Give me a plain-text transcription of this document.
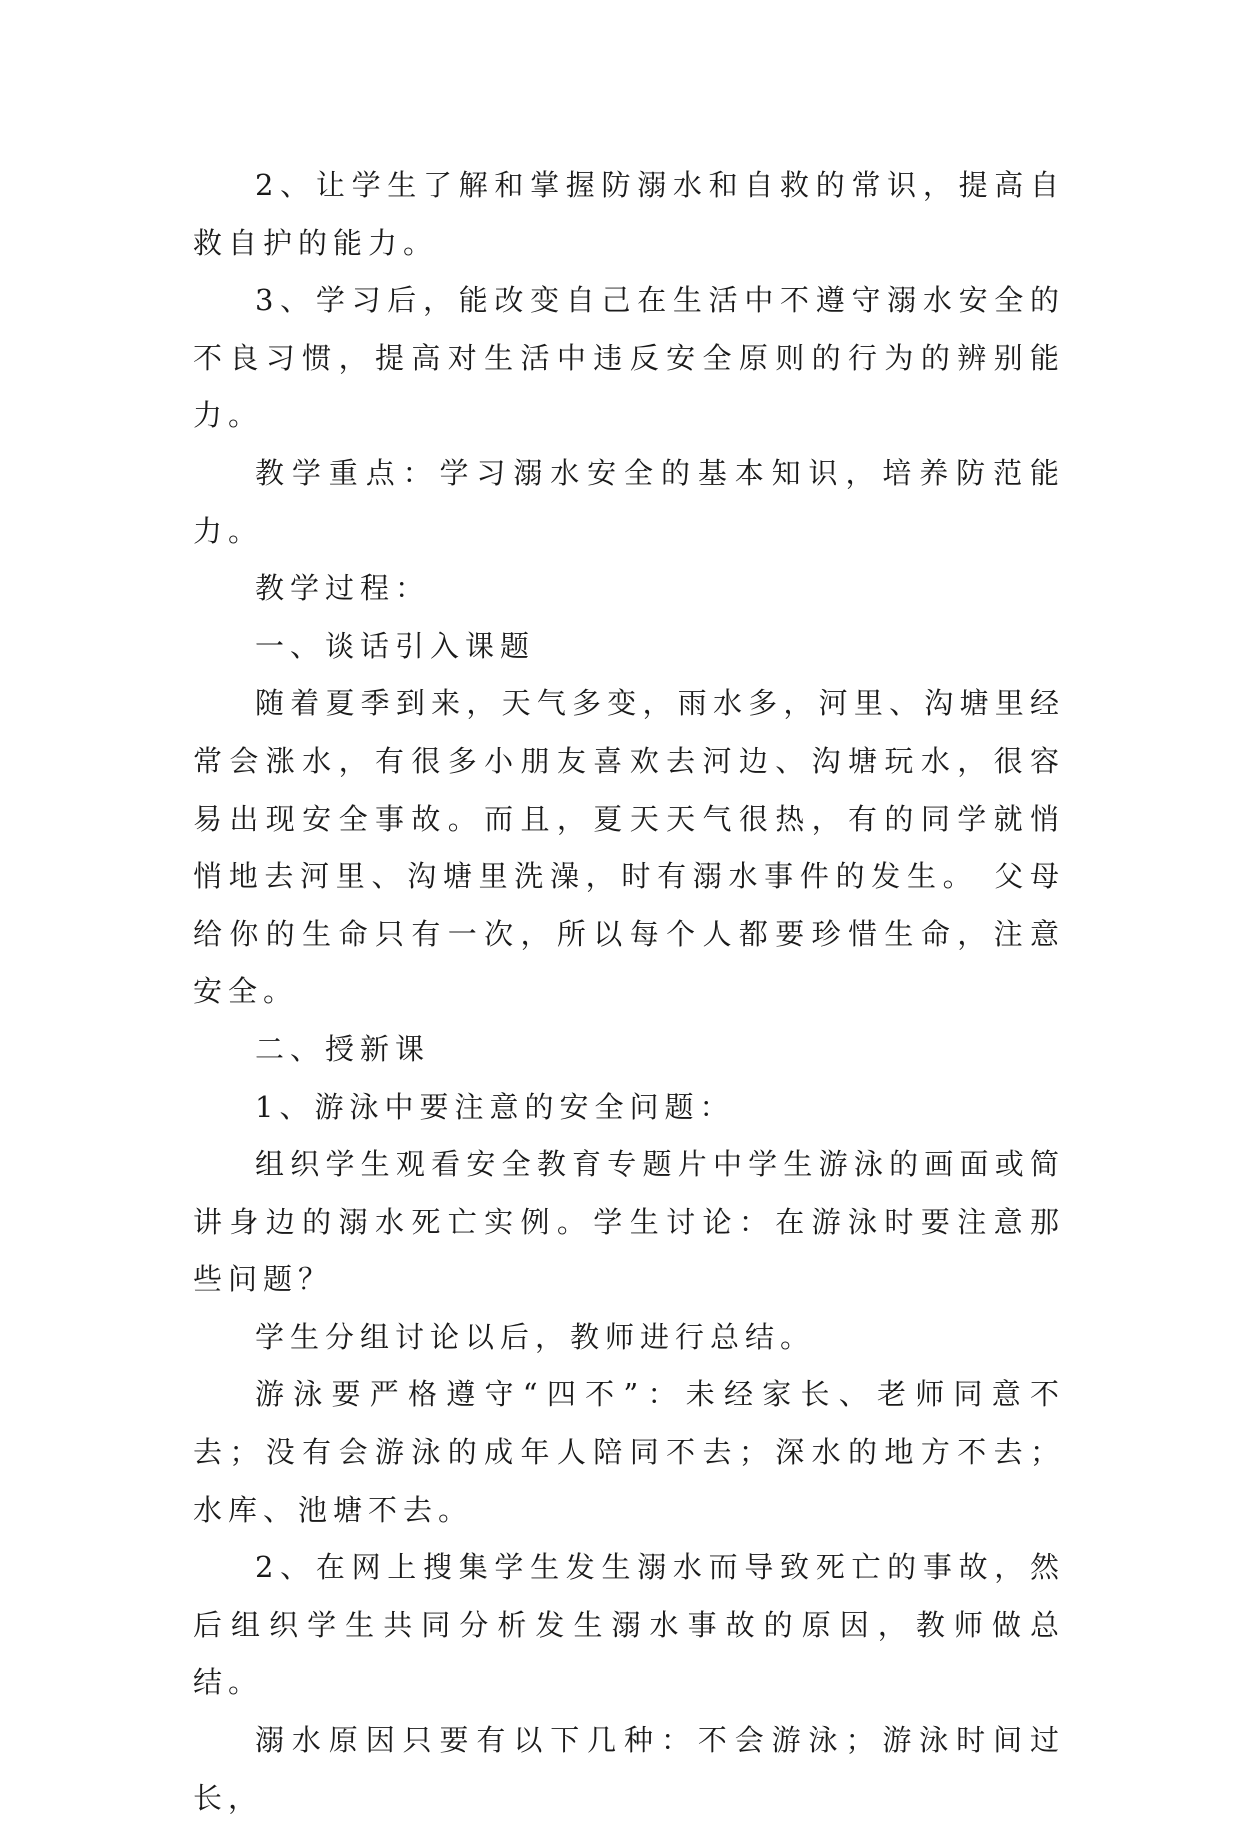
2、让学生了解和掌握防溺水和自救的常识，提高自救自护的能力。

3、学习后，能改变自己在生活中不遵守溺水安全的不良习惯，提高对生活中违反安全原则的行为的辨别能力。

教学重点：学习溺水安全的基本知识，培养防范能力。

教学过程：

一、谈话引入课题

随着夏季到来，天气多变，雨水多，河里、沟塘里经常会涨水，有很多小朋友喜欢去河边、沟塘玩水，很容易出现安全事故。而且，夏天天气很热，有的同学就悄悄地去河里、沟塘里洗澡，时有溺水事件的发生。 父母给你的生命只有一次，所以每个人都要珍惜生命，注意安全。

二、授新课

1、游泳中要注意的安全问题：

组织学生观看安全教育专题片中学生游泳的画面或简讲身边的溺水死亡实例。学生讨论：在游泳时要注意那些问题？

学生分组讨论以后，教师进行总结。

游泳要严格遵守“四不”：未经家长、老师同意不去；没有会游泳的成年人陪同不去；深水的地方不去；水库、池塘不去。

2、在网上搜集学生发生溺水而导致死亡的事故，然后组织学生共同分析发生溺水事故的原因，教师做总结。

溺水原因只要有以下几种：不会游泳；游泳时间过长，
